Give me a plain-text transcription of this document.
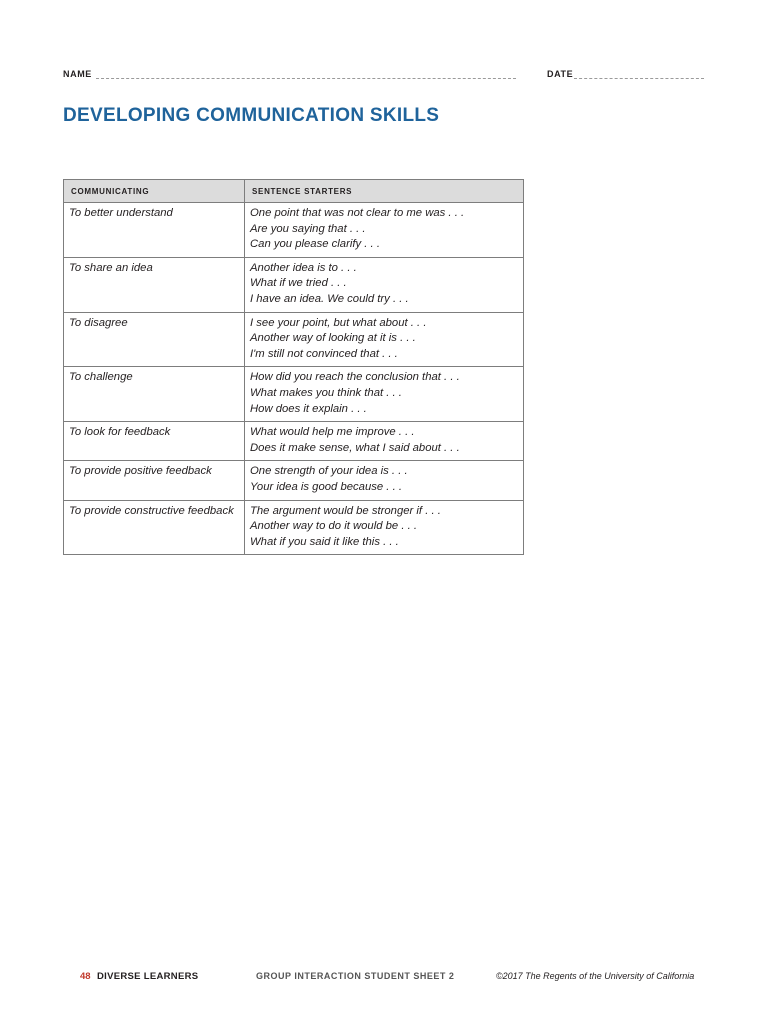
NAME	DATE
DEVELOPING COMMUNICATION SKILLS
COMMUNICATING	SENTENCE STARTERS
To better understand	One point that was not clear to me was . . .
Are you saying that . . .
Can you please clarify . . .

To share an idea	Another idea is to . . .
What if we tried . . .
I have an idea. We could try . . .

To disagree	I see your point, but what about . . .
Another way of looking at it is . . .
I'm still not convinced that . . .

To challenge	How did you reach the conclusion that . . .
What makes you think that . . .
How does it explain . . .

To look for feedback	What would help me improve . . .
Does it make sense, what I said about . . .

To provide positive feedback	One strength of your idea is . . .
Your idea is good because . . .

To provide constructive feedback	The argument would be stronger if . . .
Another way to do it would be . . .
What if you said it like this . . .
48 DIVERSE LEARNERS	GROUP INTERACTION STUDENT SHEET 2	©2017 The Regents of the University of California
